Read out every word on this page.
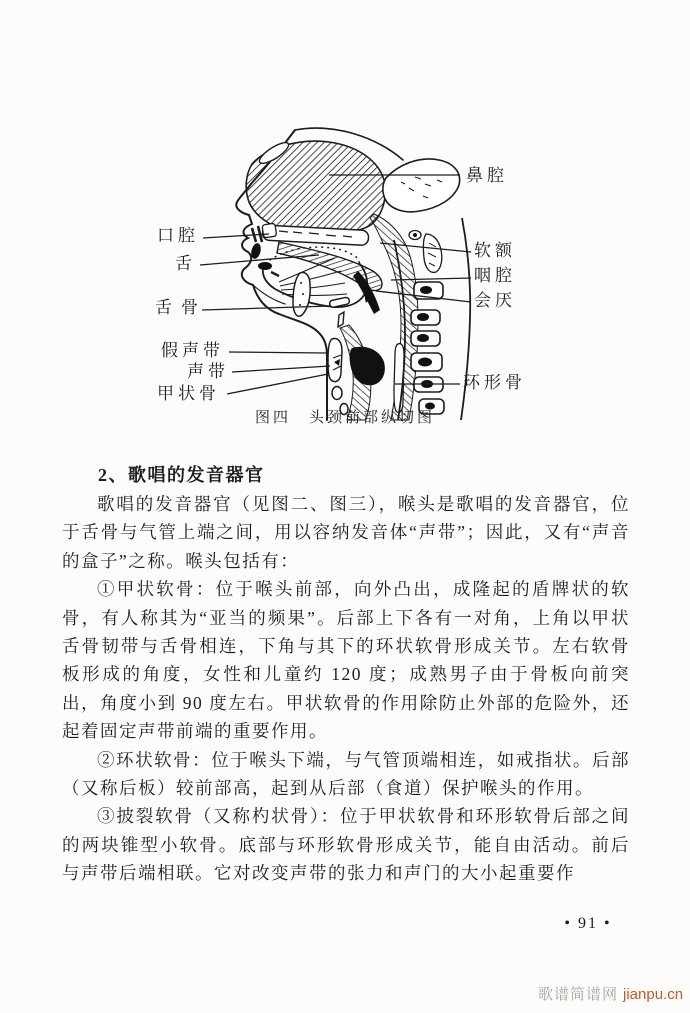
鼻腔
软额
咽腔
会厌
环形骨
口腔
舌
舌骨
假声带
声带
甲状骨
图四　头颈前部纵切图
2、歌唱的发音器官

歌唱的发音器官（见图二、图三），喉头是歌唱的发音器官，位于舌骨与气管上端之间，用以容纳发音体“声带”；因此，又有“声音的盒子”之称。喉头包括有：

①甲状软骨：位于喉头前部，向外凸出，成隆起的盾牌状的软骨，有人称其为“亚当的频果”。后部上下各有一对角，上角以甲状舌骨韧带与舌骨相连，下角与其下的环状软骨形成关节。左右软骨板形成的角度，女性和儿童约 120 度；成熟男子由于骨板向前突出，角度小到 90 度左右。甲状软骨的作用除防止外部的危险外，还起着固定声带前端的重要作用。

②环状软骨：位于喉头下端，与气管顶端相连，如戒指状。后部（又称后板）较前部高，起到从后部（食道）保护喉头的作用。

③披裂软骨（又称杓状骨）：位于甲状软骨和环形软骨后部之间的两块锥型小软骨。底部与环形软骨形成关节，能自由活动。前后与声带后端相联。它对改变声带的张力和声门的大小起重要作

• 91 •
歌谱简谱网 jianpu.cn
